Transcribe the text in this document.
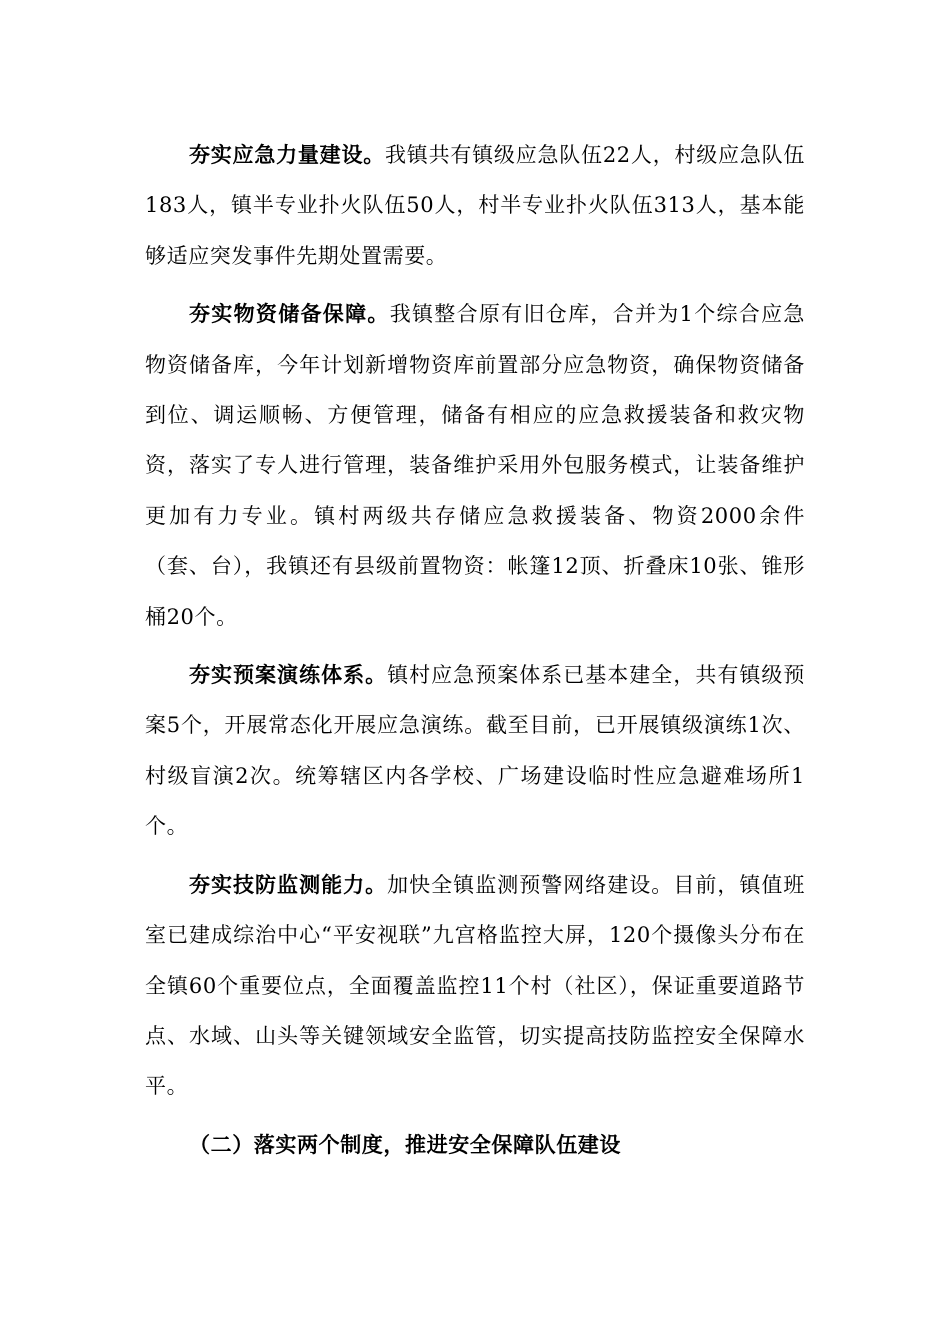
夯实应急力量建设。我镇共有镇级应急队伍22人，村级应急队伍183人，镇半专业扑火队伍50人，村半专业扑火队伍313人，基本能够适应突发事件先期处置需要。

夯实物资储备保障。我镇整合原有旧仓库，合并为1个综合应急物资储备库，今年计划新增物资库前置部分应急物资，确保物资储备到位、调运顺畅、方便管理，储备有相应的应急救援装备和救灾物资，落实了专人进行管理，装备维护采用外包服务模式，让装备维护更加有力专业。镇村两级共存储应急救援装备、物资2000余件（套、台），我镇还有县级前置物资：帐篷12顶、折叠床10张、锥形桶20个。

夯实预案演练体系。镇村应急预案体系已基本建全，共有镇级预案5个，开展常态化开展应急演练。截至目前，已开展镇级演练1次、村级盲演2次。统筹辖区内各学校、广场建设临时性应急避难场所1个。

夯实技防监测能力。加快全镇监测预警网络建设。目前，镇值班室已建成综治中心“平安视联”九宫格监控大屏，120个摄像头分布在全镇60个重要位点，全面覆盖监控11个村（社区），保证重要道路节点、水域、山头等关键领域安全监管，切实提高技防监控安全保障水平。

（二）落实两个制度，推进安全保障队伍建设
